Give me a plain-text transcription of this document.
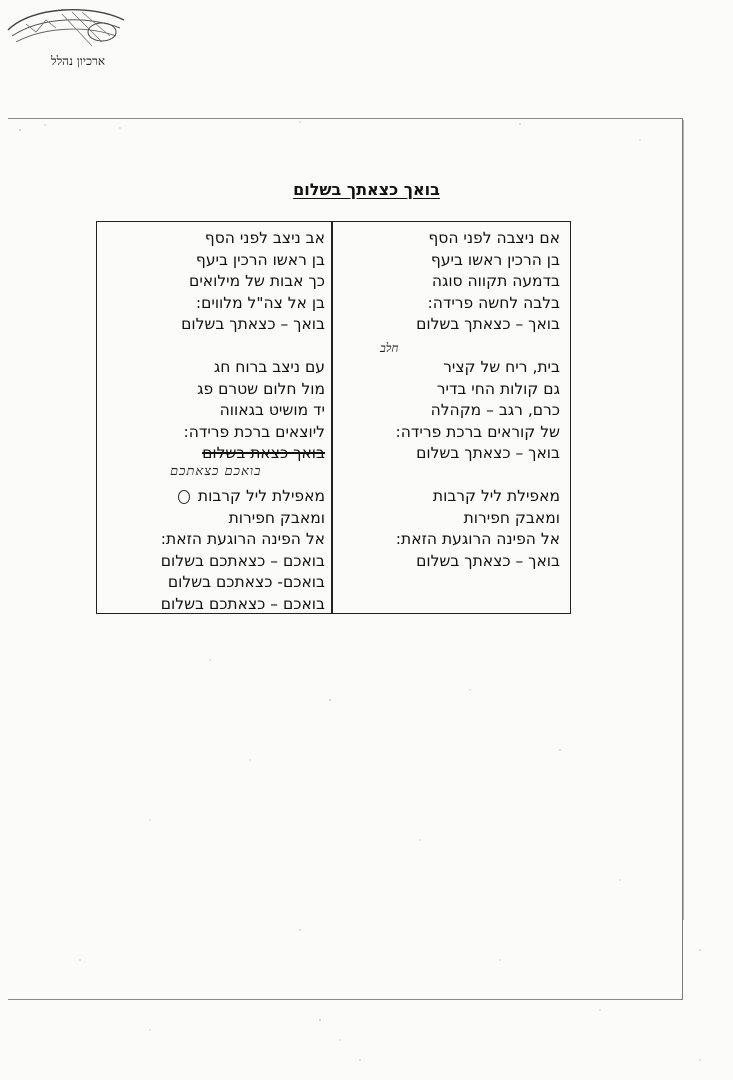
ארכיון נהלל
בואך כצאתך בשלום
אם ניצבה לפני הסף
בן הרכין ראשו ביעף
בדמעה תקווה סוגה
בלבה לחשה פרידה:
בואך – כצאתך בשלום
בית, ריח של קציר
גם קולות החי בדיר
כרם, רגב – מקהלה
של קוראים ברכת פרידה:
בואך – כצאתך בשלום
מאפילת ליל קרבות
ומאבק חפירות
אל הפינה הרוגעת הזאת:
בואך – כצאתך בשלום
אב ניצב לפני הסף
בן ראשו הרכין ביעף
כך אבות של מילואים
בן אל צה"ל מלווים:
בואך – כצאתך בשלום
עם ניצב ברוח חג
מול חלום שטרם פג
יד מושיט בגאווה
ליוצאים ברכת פרידה:
בואך כצאת בשלום
מאפילת ליל קרבות
ומאבק חפירות
אל הפינה הרוגעת הזאת:
בואכם – כצאתכם בשלום
בואכם- כצאתכם בשלום
בואכם – כצאתכם בשלום
חלב
בואכם כצאתכם
